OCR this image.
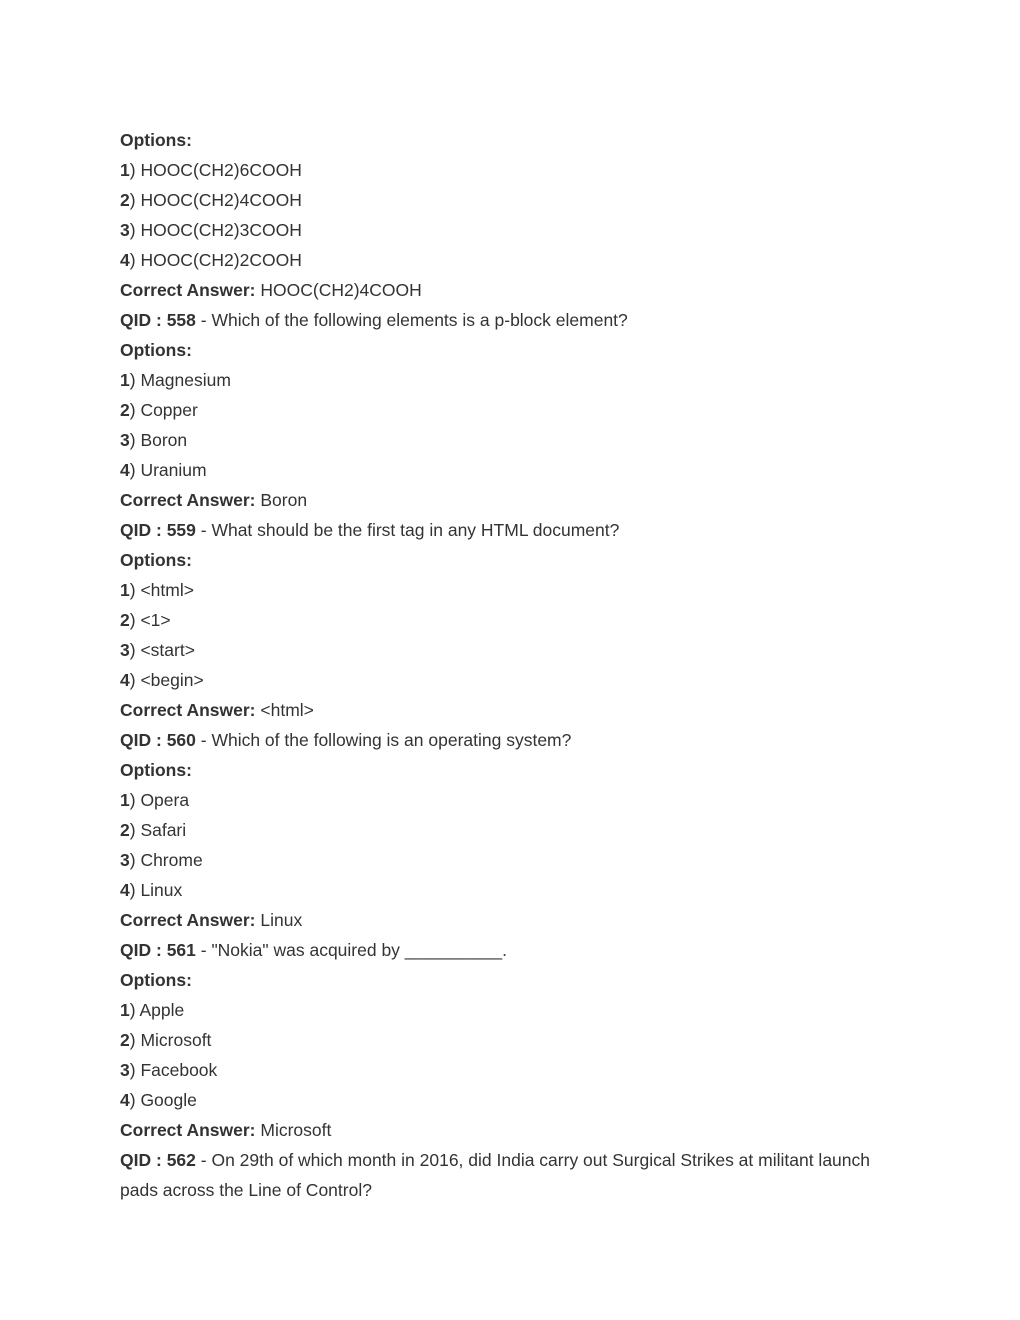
Options:
1) HOOC(CH2)6COOH
2) HOOC(CH2)4COOH
3) HOOC(CH2)3COOH
4) HOOC(CH2)2COOH
Correct Answer: HOOC(CH2)4COOH
QID : 558 - Which of the following elements is a p-block element?
Options:
1) Magnesium
2) Copper
3) Boron
4) Uranium
Correct Answer: Boron
QID : 559 - What should be the first tag in any HTML document?
Options:
1) <html>
2) <1>
3) <start>
4) <begin>
Correct Answer: <html>
QID : 560 - Which of the following is an operating system?
Options:
1) Opera
2) Safari
3) Chrome
4) Linux
Correct Answer: Linux
QID : 561 - "Nokia" was acquired by __________.
Options:
1) Apple
2) Microsoft
3) Facebook
4) Google
Correct Answer: Microsoft
QID : 562 - On 29th of which month in 2016, did India carry out Surgical Strikes at militant launch pads across the Line of Control?
